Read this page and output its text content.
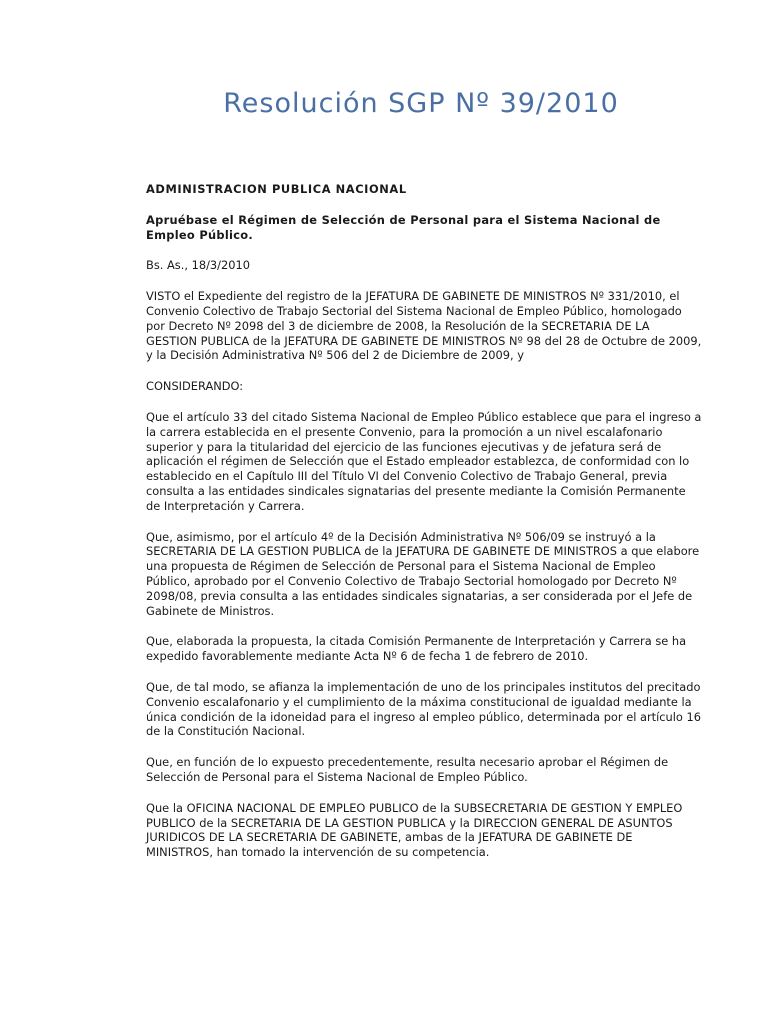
Resolución SGP Nº 39/2010

ADMINISTRACION PUBLICA NACIONAL

Apruébase el Régimen de Selección de Personal para el Sistema Nacional de Empleo Público.

Bs. As., 18/3/2010

VISTO el Expediente del registro de la JEFATURA DE GABINETE DE MINISTROS Nº 331/2010, el Convenio Colectivo de Trabajo Sectorial del Sistema Nacional de Empleo Público, homologado por Decreto Nº 2098 del 3 de diciembre de 2008, la Resolución de la SECRETARIA DE LA GESTION PUBLICA de la JEFATURA DE GABINETE DE MINISTROS Nº 98 del 28 de Octubre de 2009, y la Decisión Administrativa Nº 506 del 2 de Diciembre de 2009, y

CONSIDERANDO:

Que el artículo 33 del citado Sistema Nacional de Empleo Público establece que para el ingreso a la carrera establecida en el presente Convenio, para la promoción a un nivel escalafonario superior y para la titularidad del ejercicio de las funciones ejecutivas y de jefatura será de aplicación el régimen de Selección que el Estado empleador establezca, de conformidad con lo establecido en el Capítulo III del Título VI del Convenio Colectivo de Trabajo General, previa consulta a las entidades sindicales signatarias del presente mediante la Comisión Permanente de Interpretación y Carrera.

Que, asimismo, por el artículo 4º de la Decisión Administrativa Nº 506/09 se instruyó a la SECRETARIA DE LA GESTION PUBLICA de la JEFATURA DE GABINETE DE MINISTROS a que elabore una propuesta de Régimen de Selección de Personal para el Sistema Nacional de Empleo Público, aprobado por el Convenio Colectivo de Trabajo Sectorial homologado por Decreto Nº 2098/08, previa consulta a las entidades sindicales signatarias, a ser considerada por el Jefe de Gabinete de Ministros.

Que, elaborada la propuesta, la citada Comisión Permanente de Interpretación y Carrera se ha expedido favorablemente mediante Acta Nº 6 de fecha 1 de febrero de 2010.

Que, de tal modo, se afianza la implementación de uno de los principales institutos del precitado Convenio escalafonario y el cumplimiento de la máxima constitucional de igualdad mediante la única condición de la idoneidad para el ingreso al empleo público, determinada por el artículo 16 de la Constitución Nacional.

Que, en función de lo expuesto precedentemente, resulta necesario aprobar el Régimen de Selección de Personal para el Sistema Nacional de Empleo Público.

Que la OFICINA NACIONAL DE EMPLEO PUBLICO de la SUBSECRETARIA DE GESTION Y EMPLEO PUBLICO de la SECRETARIA DE LA GESTION PUBLICA y la DIRECCION GENERAL DE ASUNTOS JURIDICOS DE LA SECRETARIA DE GABINETE, ambas de la JEFATURA DE GABINETE DE MINISTROS, han tomado la intervención de su competencia.
